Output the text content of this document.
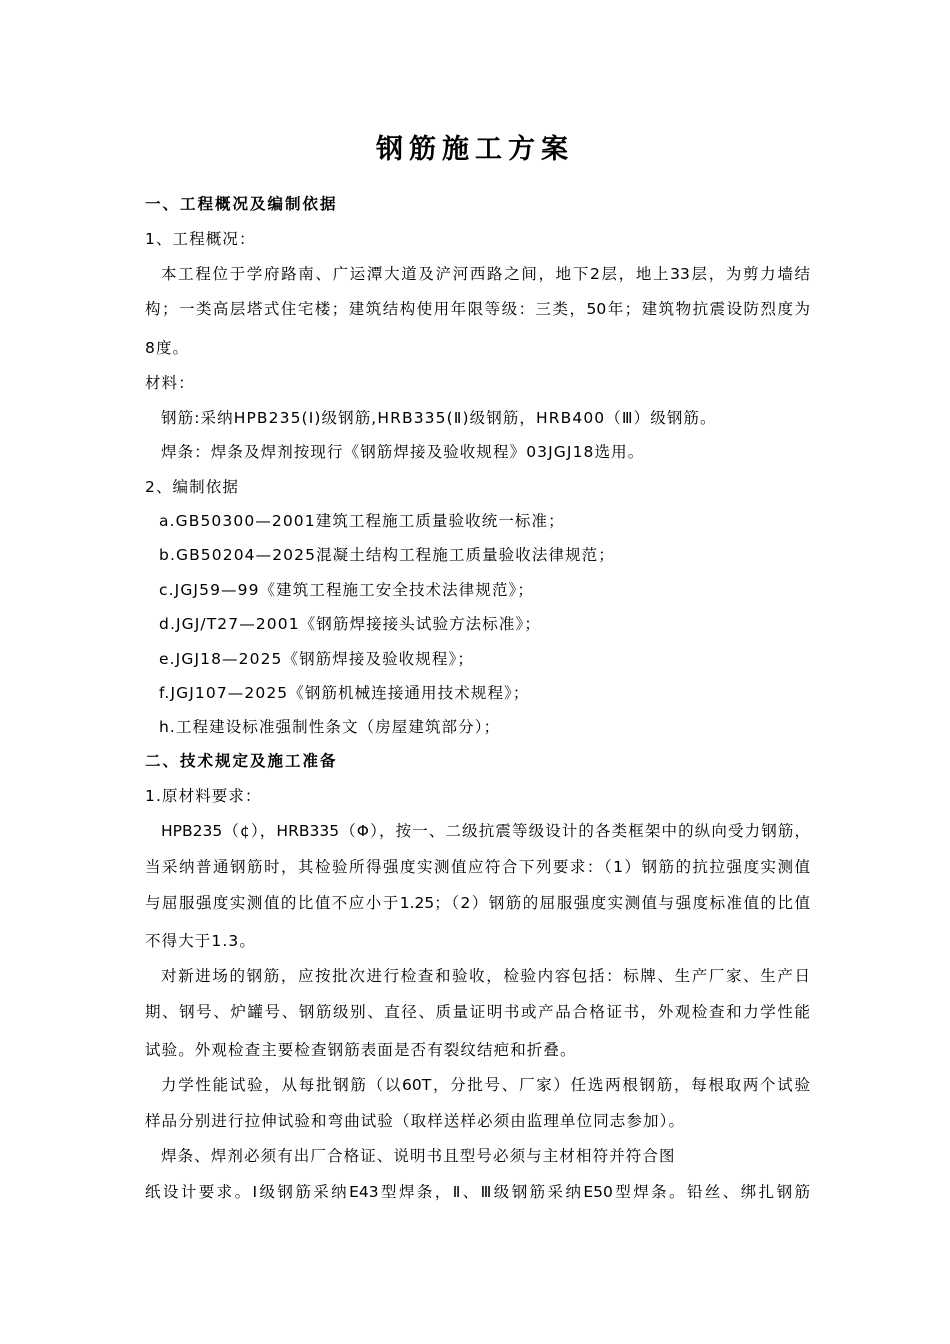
钢筋施工方案
一、工程概况及编制依据
1、工程概况：
本工程位于学府路南、广运潭大道及浐河西路之间，地下2层，地上33层，为剪力墙结
构；一类高层塔式住宅楼；建筑结构使用年限等级：三类，50年；建筑物抗震设防烈度为
8度。
材料：
钢筋:采纳HPB235(Ⅰ)级钢筋,HRB335(Ⅱ)级钢筋，HRB400（Ⅲ）级钢筋。
焊条：焊条及焊剂按现行《钢筋焊接及验收规程》03JGJ18选用。
2、编制依据
a.GB50300—2001建筑工程施工质量验收统一标准；
b.GB50204—2025混凝土结构工程施工质量验收法律规范；
c.JGJ59—99《建筑工程施工安全技术法律规范》；
d.JGJ/T27—2001《钢筋焊接接头试验方法标准》；
e.JGJ18—2025《钢筋焊接及验收规程》；
f.JGJ107—2025《钢筋机械连接通用技术规程》；
h.工程建设标准强制性条文（房屋建筑部分）；
二、技术规定及施工准备
1.原材料要求：
HPB235（¢），HRB335（Φ），按一、二级抗震等级设计的各类框架中的纵向受力钢筋，
当采纳普通钢筋时，其检验所得强度实测值应符合下列要求：（1）钢筋的抗拉强度实测值
与屈服强度实测值的比值不应小于1.25；（2）钢筋的屈服强度实测值与强度标准值的比值
不得大于1.3。
对新进场的钢筋，应按批次进行检查和验收，检验内容包括：标牌、生产厂家、生产日
期、钢号、炉罐号、钢筋级别、直径、质量证明书或产品合格证书，外观检查和力学性能
试验。外观检查主要检查钢筋表面是否有裂纹结疤和折叠。
力学性能试验，从每批钢筋（以60T，分批号、厂家）任选两根钢筋，每根取两个试验
样品分别进行拉伸试验和弯曲试验（取样送样必须由监理单位同志参加）。
焊条、焊剂必须有出厂合格证、说明书且型号必须与主材相符并符合图
纸设计要求。Ⅰ级钢筋采纳E43型焊条，Ⅱ、Ⅲ级钢筋采纳E50型焊条。铅丝、绑扎钢筋
